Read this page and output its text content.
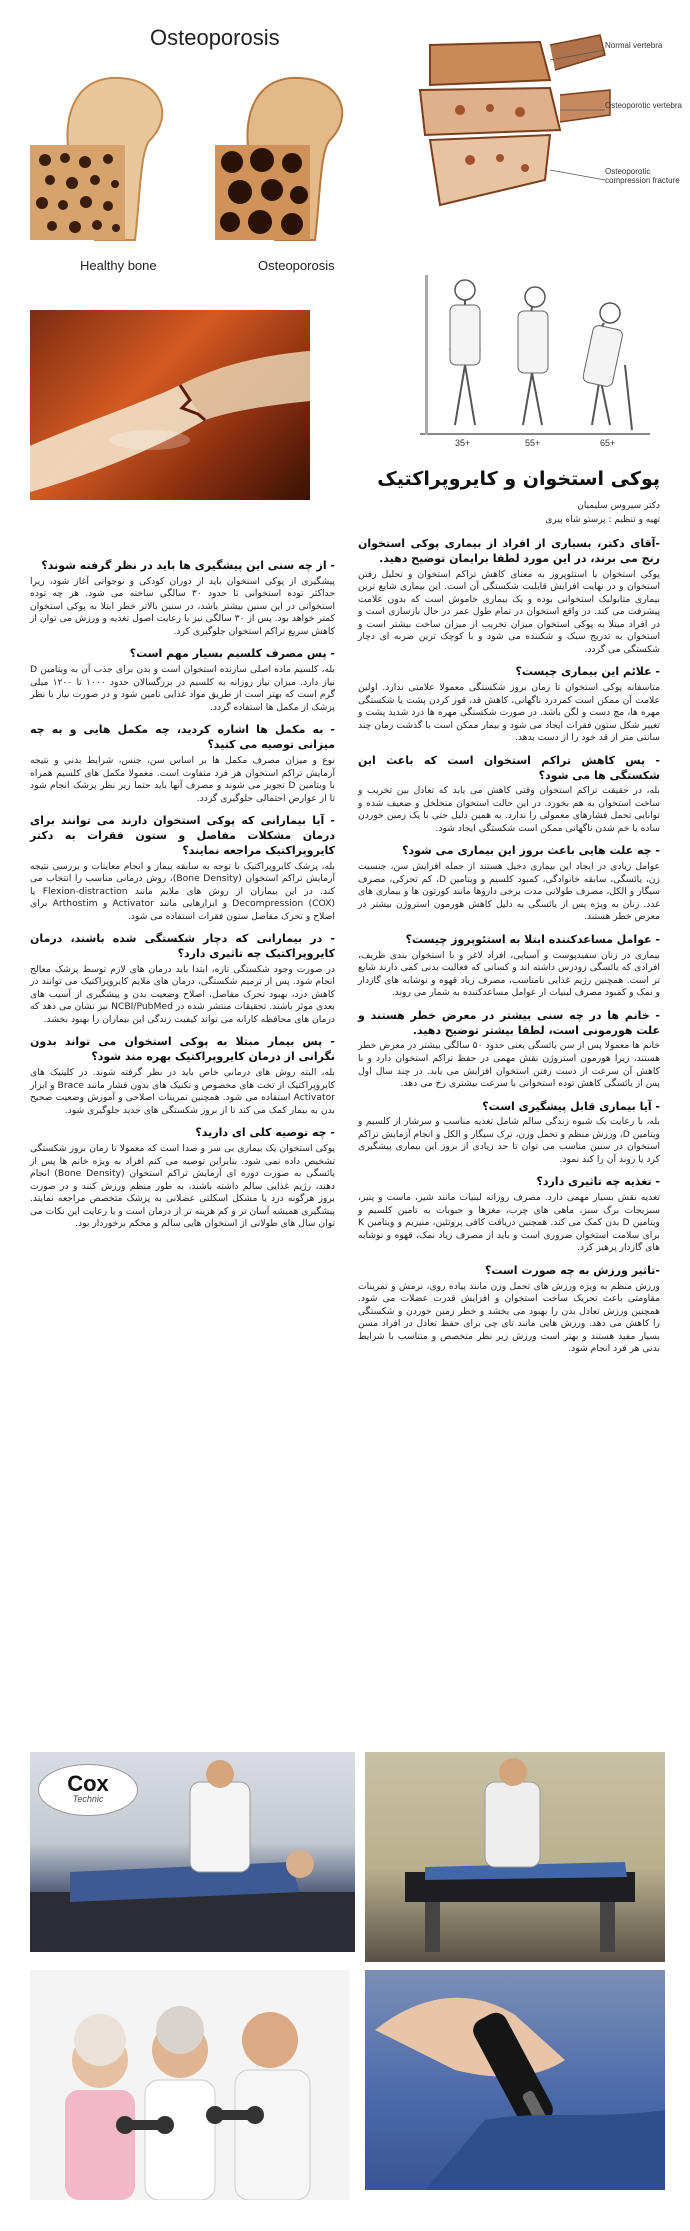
Osteoporosis
Healthy bone	Osteoporosis
Normal vertebra
Osteoporotic vertebra
Osteoporotic compression fracture
35+	55+	65+
پوکی استخوان و کایروپراکتیک
دکتر سیروس سلیمیان
تهیه و تنظیم : پرستو شاه پیری
-آقای دکتر، بسیاری از افراد از بیماری پوکی استخوان رنج می برند، در این مورد لطفا برایمان توضیح دهید.
پوکی استخوان یا استئوپروز به معنای کاهش تراکم استخوان و تحلیل رفتن استخوان و در نهایت افزایش قابلیت شکستگی آن است. این بیماری شایع ترین بیماری متابولیک استخوانی بوده و یک بیماری خاموش است که بدون علامت پیشرفت می کند. در واقع استخوان در تمام طول عمر در حال بازسازی است و در افراد مبتلا به پوکی استخوان میزان تخریب از میزان ساخت بیشتر است و استخوان به تدریج سبک و شکننده می شود و با کوچک ترین ضربه ای دچار شکستگی می گردد.
- علائم این بیماری چیست؟
متاسفانه پوکی استخوان تا زمان بروز شکستگی معمولا علامتی ندارد. اولین علامت آن ممکن است کمردرد ناگهانی، کاهش قد، قوز کردن پشت یا شکستگی مهره ها، مچ دست و لگن باشد. در صورت شکستگی مهره ها درد شدید پشت و تغییر شکل ستون فقرات ایجاد می شود و بیمار ممکن است با گذشت زمان چند سانتی متر از قد خود را از دست بدهد.
- پس کاهش تراکم استخوان است که باعث این شکستگی ها می شود؟
بله، در حقیقت تراکم استخوان وقتی کاهش می یابد که تعادل بین تخریب و ساخت استخوان به هم بخورد. در این حالت استخوان متخلخل و ضعیف شده و توانایی تحمل فشارهای معمولی را ندارد. به همین دلیل حتی با یک زمین خوردن ساده یا خم شدن ناگهانی ممکن است شکستگی ایجاد شود.
- چه علت هایی باعث بروز این بیماری می شود؟
عوامل زیادی در ایجاد این بیماری دخیل هستند از جمله افزایش سن، جنسیت زن، یائسگی، سابقه خانوادگی، کمبود کلسیم و ویتامین D، کم تحرکی، مصرف سیگار و الکل، مصرف طولانی مدت برخی داروها مانند کورتون ها و بیماری های غدد. زنان به ویژه پس از یائسگی به دلیل کاهش هورمون استروژن بیشتر در معرض خطر هستند.
- عوامل مساعدکننده ابتلا به استئوپروز چیست؟
بیماری در زنان سفیدپوست و آسیایی، افراد لاغر و با استخوان بندی ظریف، افرادی که یائسگی زودرس داشته اند و کسانی که فعالیت بدنی کمی دارند شایع تر است. همچنین رژیم غذایی نامناسب، مصرف زیاد قهوه و نوشابه های گازدار و نمک و کمبود مصرف لبنیات از عوامل مساعدکننده به شمار می روند.
- خانم ها در چه سنی بیشتر در معرض خطر هستند و علت هورمونی است، لطفا بیشتر توضیح دهید.
خانم ها معمولا پس از سن یائسگی یعنی حدود ۵۰ سالگی بیشتر در معرض خطر هستند، زیرا هورمون استروژن نقش مهمی در حفظ تراکم استخوان دارد و با کاهش آن سرعت از دست رفتن استخوان افزایش می یابد. در چند سال اول پس از یائسگی کاهش توده استخوانی با سرعت بیشتری رخ می دهد.
- آیا بیماری قابل پیشگیری است؟
بله، با رعایت یک شیوه زندگی سالم شامل تغذیه مناسب و سرشار از کلسیم و ویتامین D، ورزش منظم و تحمل وزن، ترک سیگار و الکل و انجام آزمایش تراکم استخوان در سنین مناسب می توان تا حد زیادی از بروز این بیماری پیشگیری کرد یا روند آن را کند نمود.
- تغذیه چه تاثیری دارد؟
تغذیه نقش بسیار مهمی دارد. مصرف روزانه لبنیات مانند شیر، ماست و پنیر، سبزیجات برگ سبز، ماهی های چرب، مغزها و حبوبات به تامین کلسیم و ویتامین D بدن کمک می کند. همچنین دریافت کافی پروتئین، منیزیم و ویتامین K برای سلامت استخوان ضروری است و باید از مصرف زیاد نمک، قهوه و نوشابه های گازدار پرهیز کرد.
-تاثیر ورزش به چه صورت است؟
ورزش منظم به ویژه ورزش های تحمل وزن مانند پیاده روی، نرمش و تمرینات مقاومتی باعث تحریک ساخت استخوان و افزایش قدرت عضلات می شود. همچنین ورزش تعادل بدن را بهبود می بخشد و خطر زمین خوردن و شکستگی را کاهش می دهد. ورزش هایی مانند تای چی برای حفظ تعادل در افراد مسن بسیار مفید هستند و بهتر است ورزش زیر نظر متخصص و متناسب با شرایط بدنی هر فرد انجام شود.
- از چه سنی این پیشگیری ها باید در نظر گرفته شوند؟
پیشگیری از پوکی استخوان باید از دوران کودکی و نوجوانی آغاز شود، زیرا حداکثر توده استخوانی تا حدود ۳۰ سالگی ساخته می شود. هر چه توده استخوانی در این سنین بیشتر باشد، در سنین بالاتر خطر ابتلا به پوکی استخوان کمتر خواهد بود. پس از ۳۰ سالگی نیز با رعایت اصول تغذیه و ورزش می توان از کاهش سریع تراکم استخوان جلوگیری کرد.
- پس مصرف کلسیم بسیار مهم است؟
بله، کلسیم ماده اصلی سازنده استخوان است و بدن برای جذب آن به ویتامین D نیاز دارد. میزان نیاز روزانه به کلسیم در بزرگسالان حدود ۱۰۰۰ تا ۱۲۰۰ میلی گرم است که بهتر است از طریق مواد غذایی تامین شود و در صورت نیاز با نظر پزشک از مکمل ها استفاده گردد.
- به مکمل ها اشاره کردید، چه مکمل هایی و به چه میزانی توصیه می کنید؟
نوع و میزان مصرف مکمل ها بر اساس سن، جنس، شرایط بدنی و نتیجه آزمایش تراکم استخوان هر فرد متفاوت است. معمولا مکمل های کلسیم همراه با ویتامین D تجویز می شوند و مصرف آنها باید حتما زیر نظر پزشک انجام شود تا از عوارض احتمالی جلوگیری گردد.
- آیا بیمارانی که پوکی استخوان دارند می توانند برای درمان مشکلات مفاصل و ستون فقرات به دکتر کایروپراکتیک مراجعه نمایند؟
بله، پزشک کایروپراکتیک با توجه به سابقه بیمار و انجام معاینات و بررسی نتیجه آزمایش تراکم استخوان (Bone Density)، روش درمانی مناسب را انتخاب می کند. در این بیماران از روش های ملایم مانند Flexion-distraction یا Decompression (COX) و ابزارهایی مانند Activator و Arthostim برای اصلاح و تحرک مفاصل ستون فقرات استفاده می شود.
- در بیمارانی که دچار شکستگی شده باشند، درمان کایروپراکتیک چه تاثیری دارد؟
در صورت وجود شکستگی تازه، ابتدا باید درمان های لازم توسط پزشک معالج انجام شود. پس از ترمیم شکستگی، درمان های ملایم کایروپراکتیک می توانند در کاهش درد، بهبود تحرک مفاصل، اصلاح وضعیت بدن و پیشگیری از آسیب های بعدی موثر باشند. تحقیقات منتشر شده در NCBI/PubMed نیز نشان می دهد که درمان های محافظه کارانه می تواند کیفیت زندگی این بیماران را بهبود بخشد.
- پس بیمار مبتلا به پوکی استخوان می تواند بدون نگرانی از درمان کایروپراکتیک بهره مند شود؟
بله، البته روش های درمانی خاص باید در نظر گرفته شوند. در کلینیک های کایروپراکتیک از تخت های مخصوص و تکنیک های بدون فشار مانند Brace و ابزار Activator استفاده می شود. همچنین تمرینات اصلاحی و آموزش وضعیت صحیح بدن به بیمار کمک می کند تا از بروز شکستگی های جدید جلوگیری شود.
- چه توصیه کلی ای دارید؟
پوکی استخوان یک بیماری بی سر و صدا است که معمولا تا زمان بروز شکستگی تشخیص داده نمی شود. بنابراین توصیه می کنم افراد به ویژه خانم ها پس از یائسگی به صورت دوره ای آزمایش تراکم استخوان (Bone Density) انجام دهند، رژیم غذایی سالم داشته باشند، به طور منظم ورزش کنند و در صورت بروز هرگونه درد یا مشکل اسکلتی عضلانی به پزشک متخصص مراجعه نمایند. پیشگیری همیشه آسان تر و کم هزینه تر از درمان است و با رعایت این نکات می توان سال های طولانی از استخوان هایی سالم و محکم برخوردار بود.
Cox
Technic
